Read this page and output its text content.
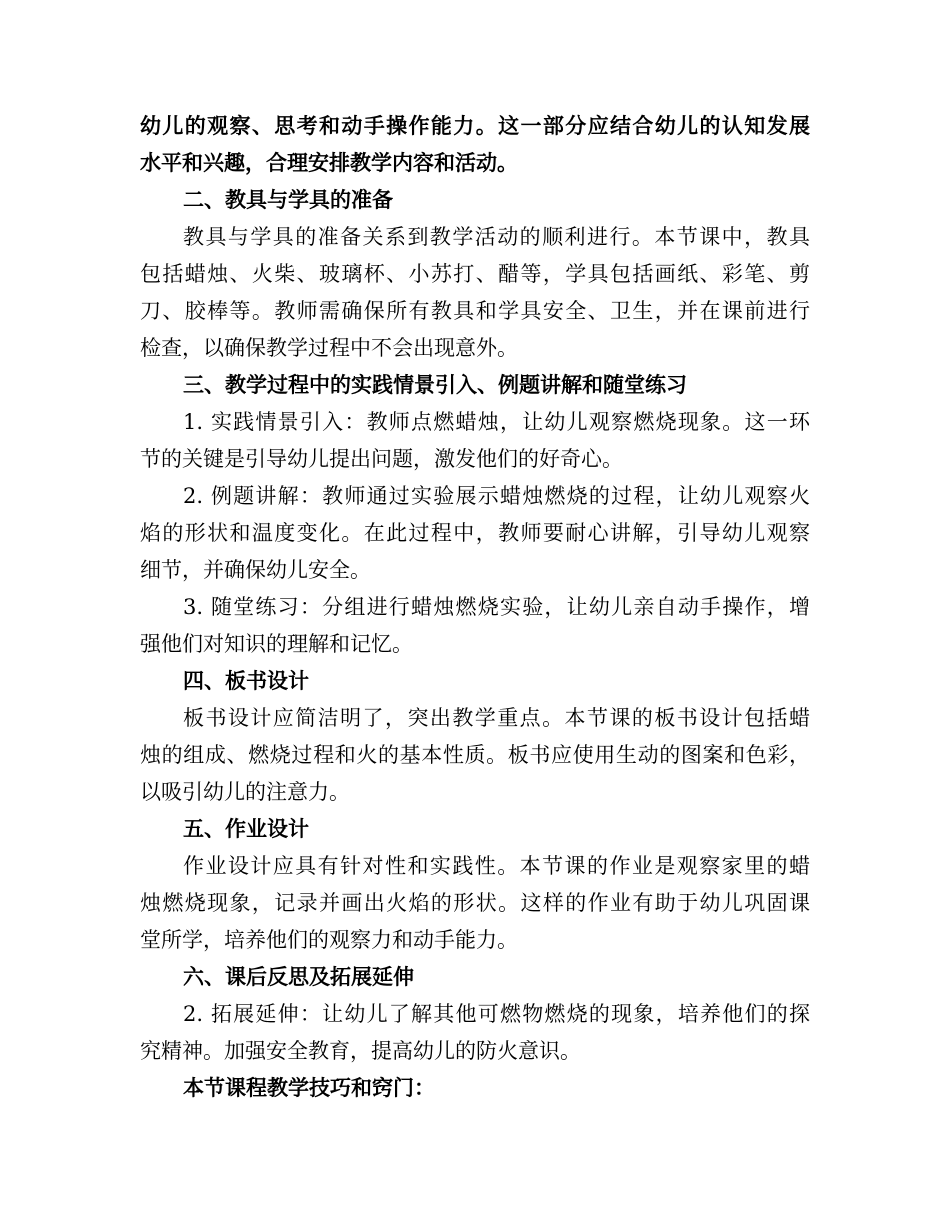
幼儿的观察、思考和动手操作能力。这一部分应结合幼儿的认知发展
水平和兴趣，合理安排教学内容和活动。
二、教具与学具的准备
教具与学具的准备关系到教学活动的顺利进行。本节课中，教具
包括蜡烛、火柴、玻璃杯、小苏打、醋等，学具包括画纸、彩笔、剪
刀、胶棒等。教师需确保所有教具和学具安全、卫生，并在课前进行
检查，以确保教学过程中不会出现意外。
三、教学过程中的实践情景引入、例题讲解和随堂练习
1. 实践情景引入：教师点燃蜡烛，让幼儿观察燃烧现象。这一环
节的关键是引导幼儿提出问题，激发他们的好奇心。
2. 例题讲解：教师通过实验展示蜡烛燃烧的过程，让幼儿观察火
焰的形状和温度变化。在此过程中，教师要耐心讲解，引导幼儿观察
细节，并确保幼儿安全。
3. 随堂练习：分组进行蜡烛燃烧实验，让幼儿亲自动手操作，增
强他们对知识的理解和记忆。
四、板书设计
板书设计应简洁明了，突出教学重点。本节课的板书设计包括蜡
烛的组成、燃烧过程和火的基本性质。板书应使用生动的图案和色彩，
以吸引幼儿的注意力。
五、作业设计
作业设计应具有针对性和实践性。本节课的作业是观察家里的蜡
烛燃烧现象，记录并画出火焰的形状。这样的作业有助于幼儿巩固课
堂所学，培养他们的观察力和动手能力。
六、课后反思及拓展延伸
2. 拓展延伸：让幼儿了解其他可燃物燃烧的现象，培养他们的探
究精神。加强安全教育，提高幼儿的防火意识。
本节课程教学技巧和窍门：
